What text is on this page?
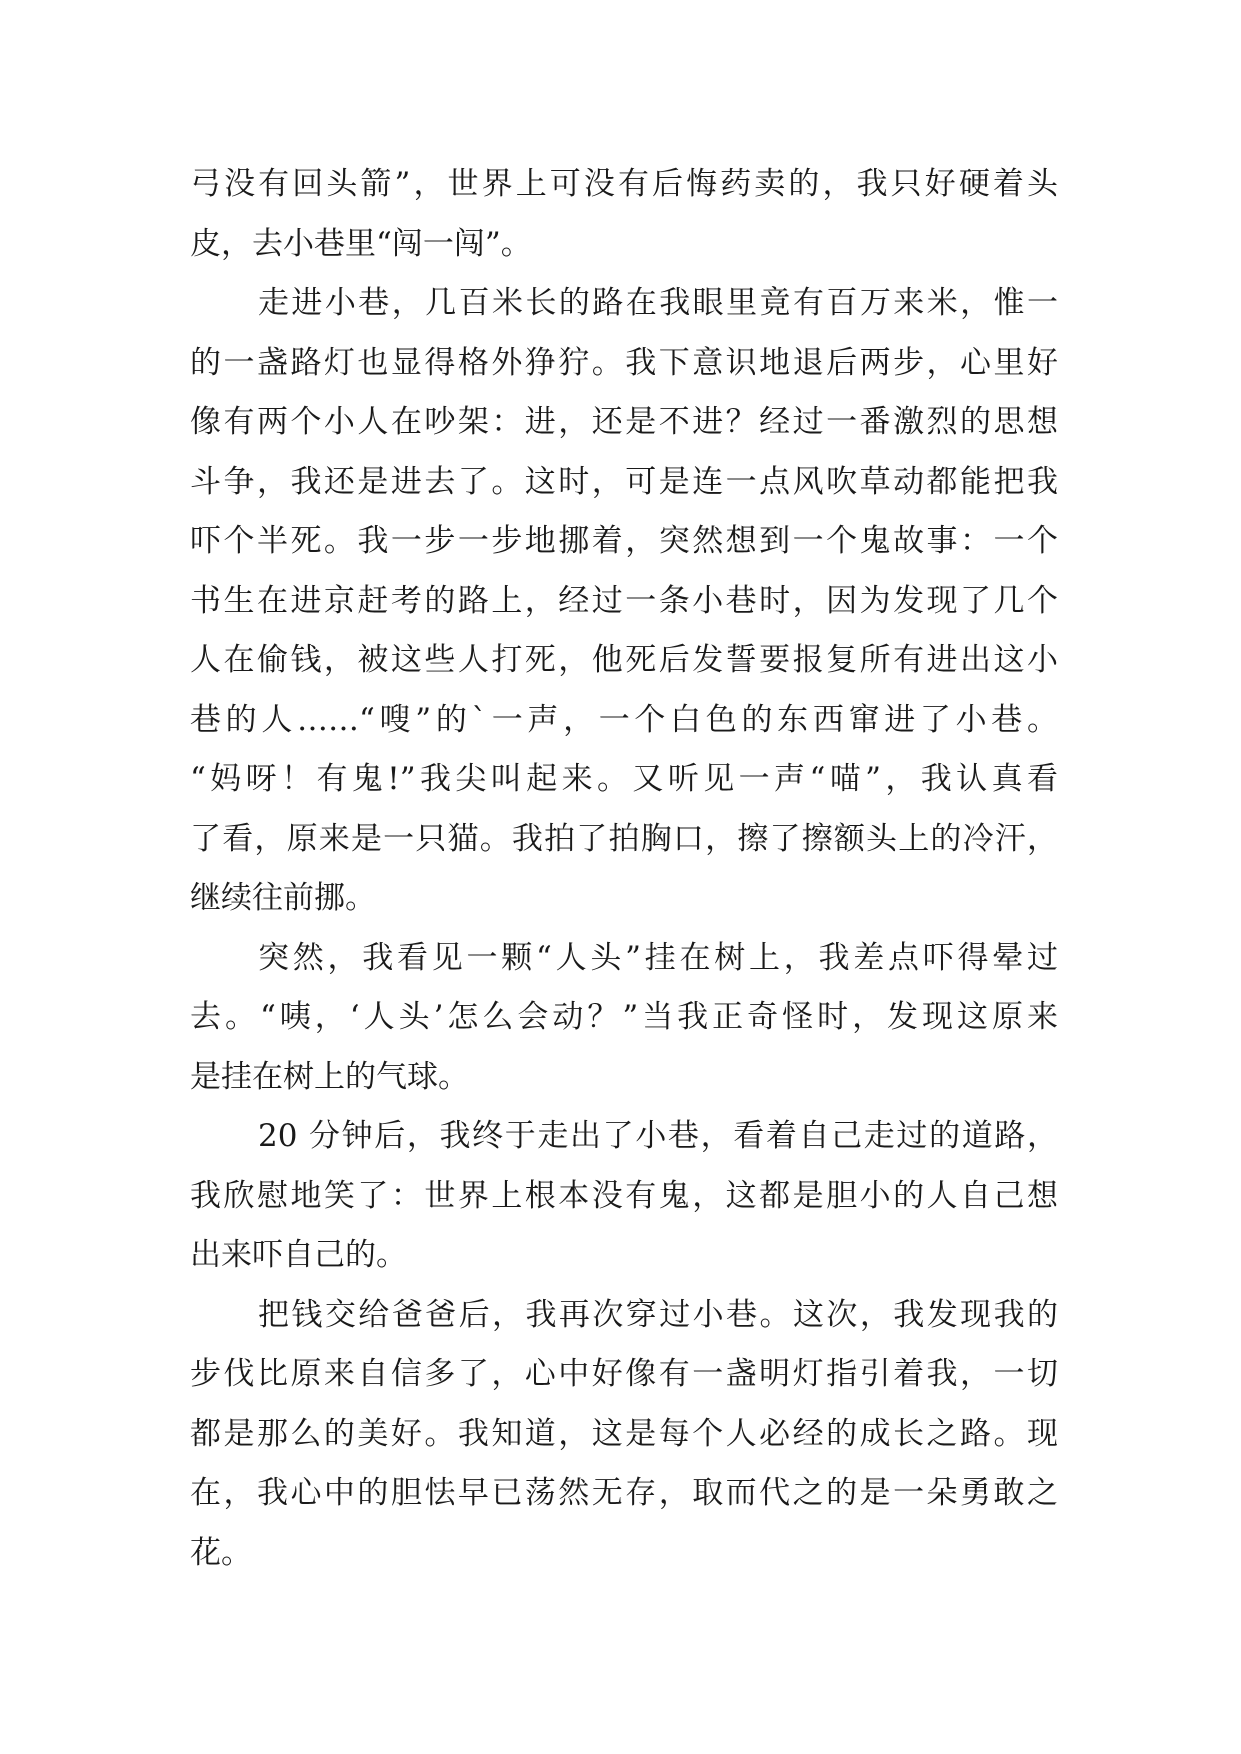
弓没有回头箭”，世界上可没有后悔药卖的，我只好硬着头
皮，去小巷里“闯一闯”。
走进小巷，几百米长的路在我眼里竟有百万来米，惟一
的一盏路灯也显得格外狰狞。我下意识地退后两步，心里好
像有两个小人在吵架：进，还是不进？经过一番激烈的思想
斗争，我还是进去了。这时，可是连一点风吹草动都能把我
吓个半死。我一步一步地挪着，突然想到一个鬼故事：一个
书生在进京赶考的路上，经过一条小巷时，因为发现了几个
人在偷钱，被这些人打死，他死后发誓要报复所有进出这小
巷的人……“嗖”的`一声，一个白色的东西窜进了小巷。
“妈呀！有鬼!”我尖叫起来。又听见一声“喵”，我认真看
了看，原来是一只猫。我拍了拍胸口，擦了擦额头上的冷汗，
继续往前挪。
突然，我看见一颗“人头”挂在树上，我差点吓得晕过
去。“咦，‘人头’怎么会动？”当我正奇怪时，发现这原来
是挂在树上的气球。
20 分钟后，我终于走出了小巷，看着自己走过的道路，
我欣慰地笑了：世界上根本没有鬼，这都是胆小的人自己想
出来吓自己的。
把钱交给爸爸后，我再次穿过小巷。这次，我发现我的
步伐比原来自信多了，心中好像有一盏明灯指引着我，一切
都是那么的美好。我知道，这是每个人必经的成长之路。现
在，我心中的胆怯早已荡然无存，取而代之的是一朵勇敢之
花。
